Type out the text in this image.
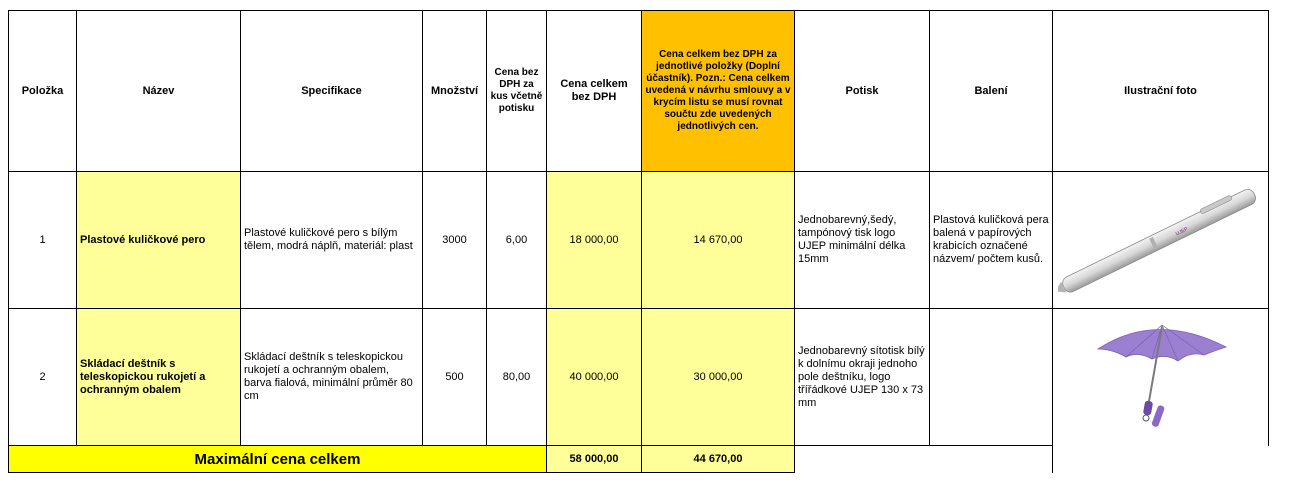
Položka	Název	Specifikace	Množství	Cena bez DPH za kus včetně potisku	Cena celkem bez DPH	Cena celkem bez DPH za jednotlivé položky (Doplní účastník). Pozn.: Cena celkem uvedená v návrhu smlouvy a v krycím listu se musí rovnat součtu zde uvedených jednotlivých cen.	Potisk	Balení	Ilustrační foto
1	Plastové kuličkové pero	Plastové kuličkové pero s bílým tělem, modrá náplň, materiál: plast	3000	6,00	18 000,00	14 670,00	Jednobarevný,šedý, tampónový tisk logo UJEP minimální délka 15mm	Plastová kuličková pera balená v papírových krabicích označené názvem/ počtem kusů.	UJEP

2	Skládací deštník s teleskopickou rukojetí a ochranným obalem	Skládací deštník s teleskopickou rukojetí a ochranným obalem, barva fialová, minimální průměr 80 cm	500	80,00	40 000,00	30 000,00	Jednobarevný sítotisk bílý k dolnímu okraji jednoho pole deštníku, logo třířádkové UJEP 130 x 73 mm		
Maximální cena celkem					58 000,00	44 670,00			
